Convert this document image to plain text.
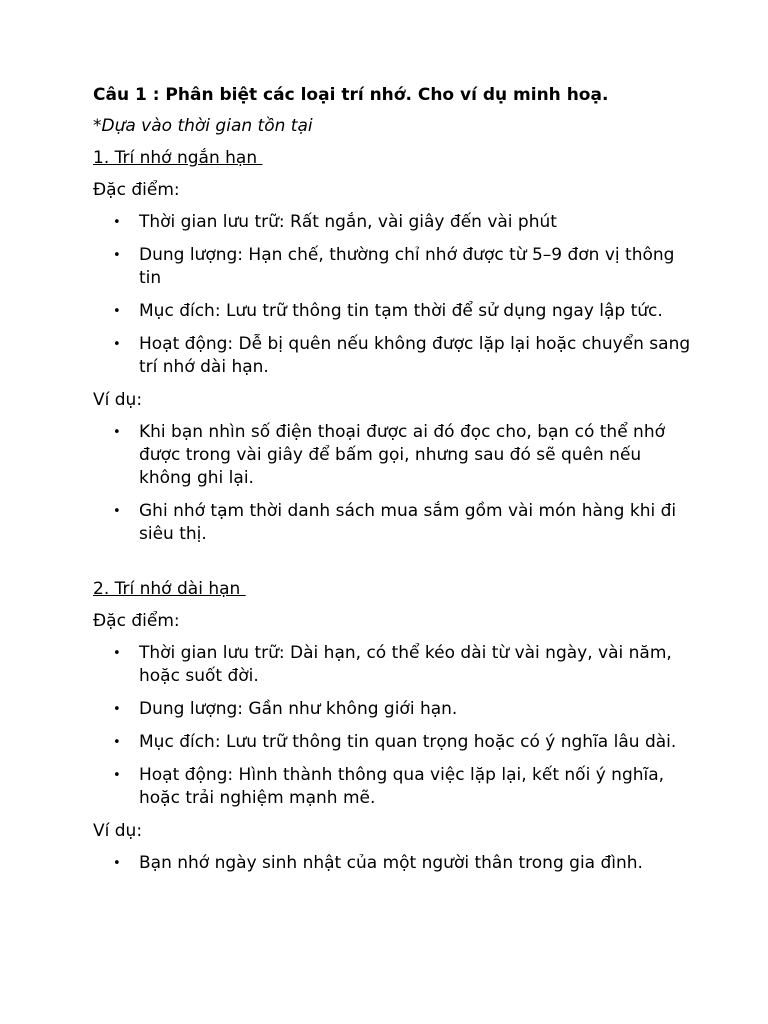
Câu 1 : Phân biệt các loại trí nhớ. Cho ví dụ minh hoạ.
*Dựa vào thời gian tồn tại
1. Trí nhớ ngắn hạn
Đặc điểm:
• Thời gian lưu trữ: Rất ngắn, vài giây đến vài phút
• Dung lượng: Hạn chế, thường chỉ nhớ được từ 5–9 đơn vị thông tin
• Mục đích: Lưu trữ thông tin tạm thời để sử dụng ngay lập tức.
• Hoạt động: Dễ bị quên nếu không được lặp lại hoặc chuyển sang trí nhớ dài hạn.
Ví dụ:
• Khi bạn nhìn số điện thoại được ai đó đọc cho, bạn có thể nhớ được trong vài giây để bấm gọi, nhưng sau đó sẽ quên nếu không ghi lại.
• Ghi nhớ tạm thời danh sách mua sắm gồm vài món hàng khi đi siêu thị.
2. Trí nhớ dài hạn
Đặc điểm:
• Thời gian lưu trữ: Dài hạn, có thể kéo dài từ vài ngày, vài năm, hoặc suốt đời.
• Dung lượng: Gần như không giới hạn.
• Mục đích: Lưu trữ thông tin quan trọng hoặc có ý nghĩa lâu dài.
• Hoạt động: Hình thành thông qua việc lặp lại, kết nối ý nghĩa, hoặc trải nghiệm mạnh mẽ.
Ví dụ:
• Bạn nhớ ngày sinh nhật của một người thân trong gia đình.
